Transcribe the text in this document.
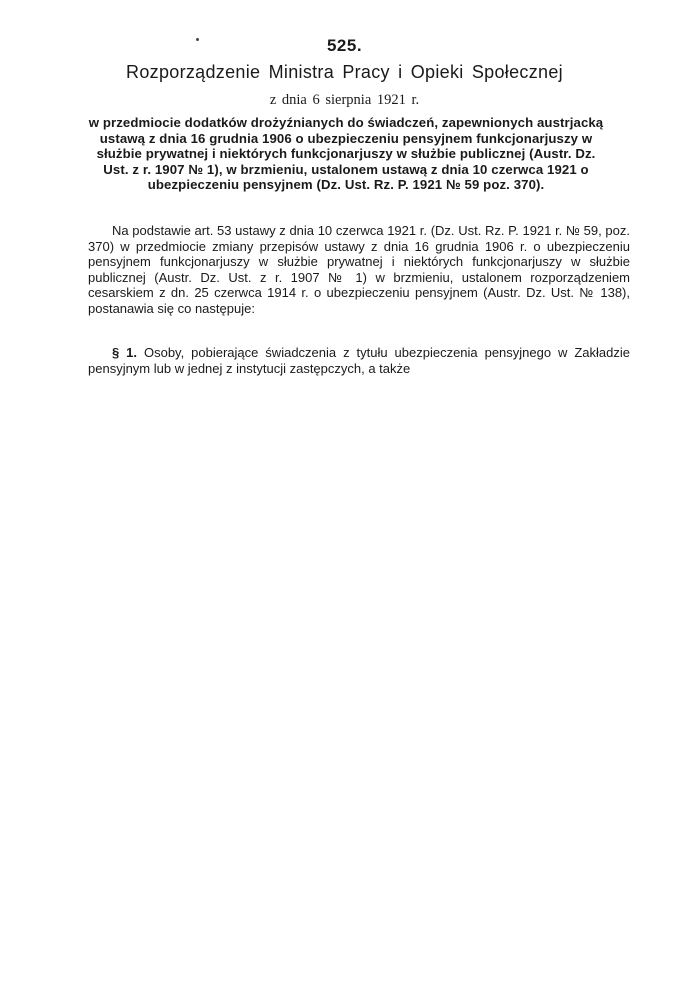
525.
Rozporządzenie Ministra Pracy i Opieki Społecznej
z dnia 6 sierpnia 1921 r.

w przedmiocie dodatków drożyźnianych do świadczeń, zapewnionych austrjacką ustawą z dnia 16 grudnia 1906 o ubezpieczeniu pensyjnem funkcjonarjuszy w służbie prywatnej i niektórych funkcjonarjuszy w służbie publicznej (Austr. Dz. Ust. z r. 1907 № 1), w brzmieniu, ustalonem ustawą z dnia 10 czerwca 1921 o ubezpieczeniu pensyjnem (Dz. Ust. Rz. P. 1921 № 59 poz. 370).

Na podstawie art. 53 ustawy z dnia 10 czerwca 1921 r. (Dz. Ust. Rz. P. 1921 r. № 59, poz. 370) w przedmiocie zmiany przepisów ustawy z dnia 16 grudnia 1906 r. o ubezpieczeniu pensyjnem funkcjonarjuszy w służbie prywatnej i niektórych funkcjonarjuszy w służbie publicznej (Austr. Dz. Ust. z r. 1907 № 1) w brzmieniu, ustalonem rozporządzeniem cesarskiem z dn. 25 czerwca 1914 r. o ubezpieczeniu pensyjnem (Austr. Dz. Ust. № 138), postanawia się co następuje:

§ 1. Osoby, pobierające świadczenia z tytułu ubezpieczenia pensyjnego w Zakładzie pensyjnym lub w jednej z instytucji zastępczych, a także
